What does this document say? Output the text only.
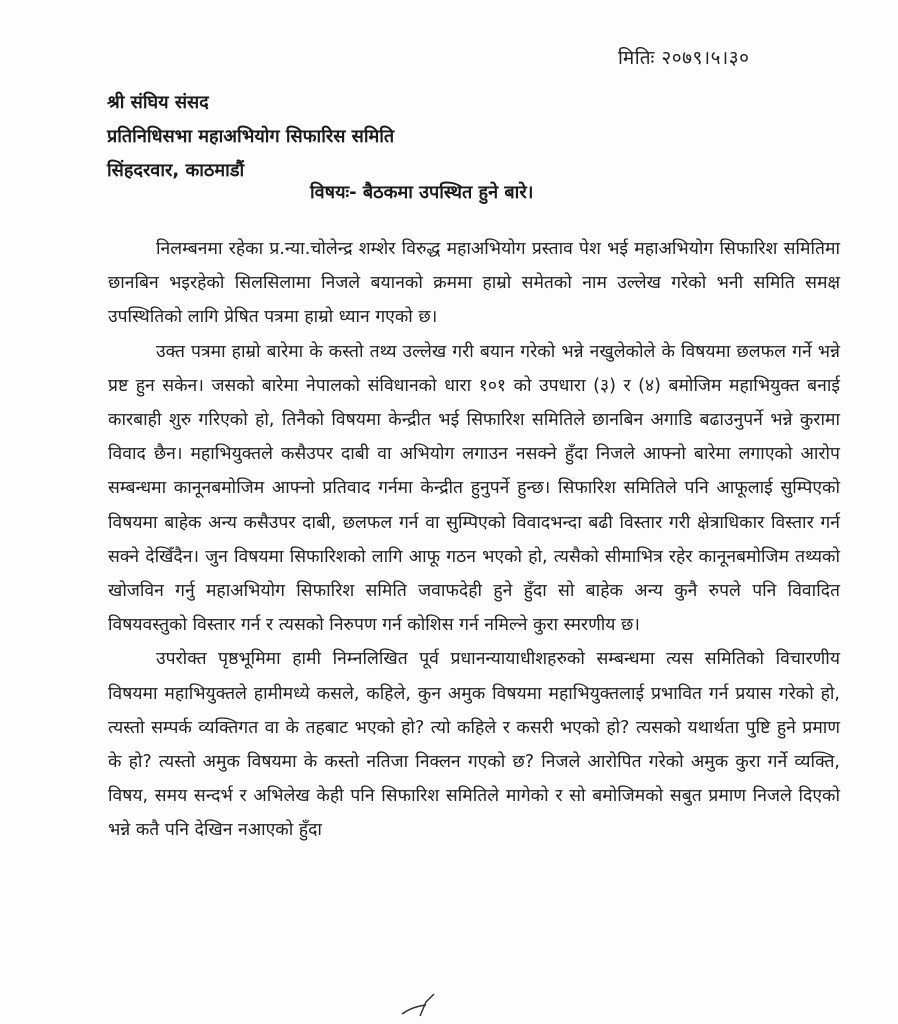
मितिः २०७९।५।३०
श्री संघिय संसद
प्रतिनिधिसभा महाअभियोग सिफारिस समिति
सिंहदरवार, काठमाडौं
विषयः- बैठकमा उपस्थित हुने बारे।

निलम्बनमा रहेका प्र.न्या.चोलेन्द्र शम्शेर विरुद्ध महाअभियोग प्रस्ताव पेश भई महाअभियोग सिफारिश समितिमा छानबिन भइरहेको सिलसिलामा निजले बयानको क्रममा हाम्रो समेतको नाम उल्लेख गरेको भनी समिति समक्ष उपस्थितिको लागि प्रेषित पत्रमा हाम्रो ध्यान गएको छ।

उक्त पत्रमा हाम्रो बारेमा के कस्तो तथ्य उल्लेख गरी बयान गरेको भन्ने नखुलेकोले के विषयमा छलफल गर्ने भन्ने प्रष्ट हुन सकेन। जसको बारेमा नेपालको संविधानको धारा १०१ को उपधारा (३) र (४) बमोजिम महाभियुक्त बनाई कारबाही शुरु गरिएको हो, तिनैको विषयमा केन्द्रीत भई सिफारिश समितिले छानबिन अगाडि बढाउनुपर्ने भन्ने कुरामा विवाद छैन। महाभियुक्तले कसैउपर दाबी वा अभियोग लगाउन नसक्ने हुँदा निजले आफ्नो बारेमा लगाएको आरोप सम्बन्धमा कानूनबमोजिम आफ्नो प्रतिवाद गर्नमा केन्द्रीत हुनुपर्ने हुन्छ। सिफारिश समितिले पनि आफूलाई सुम्पिएको विषयमा बाहेक अन्य कसैउपर दाबी, छलफल गर्न वा सुम्पिएको विवादभन्दा बढी विस्तार गरी क्षेत्राधिकार विस्तार गर्न सक्ने देखिँदैन। जुन विषयमा सिफारिशको लागि आफू गठन भएको हो, त्यसैको सीमाभित्र रहेर कानूनबमोजिम तथ्यको खोजविन गर्नु महाअभियोग सिफारिश समिति जवाफदेही हुने हुँदा सो बाहेक अन्य कुनै रुपले पनि विवादित विषयवस्तुको विस्तार गर्न र त्यसको निरुपण गर्न कोशिस गर्न नमिल्ने कुरा स्मरणीय छ।

उपरोक्त पृष्ठभूमिमा हामी निम्नलिखित पूर्व प्रधानन्यायाधीशहरुको सम्बन्धमा त्यस समितिको विचारणीय विषयमा महाभियुक्तले हामीमध्ये कसले, कहिले, कुन अमुक विषयमा महाभियुक्तलाई प्रभावित गर्न प्रयास गरेको हो, त्यस्तो सम्पर्क व्यक्तिगत वा के तहबाट भएको हो? त्यो कहिले र कसरी भएको हो? त्यसको यथार्थता पुष्टि हुने प्रमाण के हो? त्यस्तो अमुक विषयमा के कस्तो नतिजा निक्लन गएको छ? निजले आरोपित गरेको अमुक कुरा गर्ने व्यक्ति, विषय, समय सन्दर्भ र अभिलेख केही पनि सिफारिश समितिले मागेको र सो बमोजिमको सबुत प्रमाण निजले दिएको भन्ने कतै पनि देखिन नआएको हुँदा
